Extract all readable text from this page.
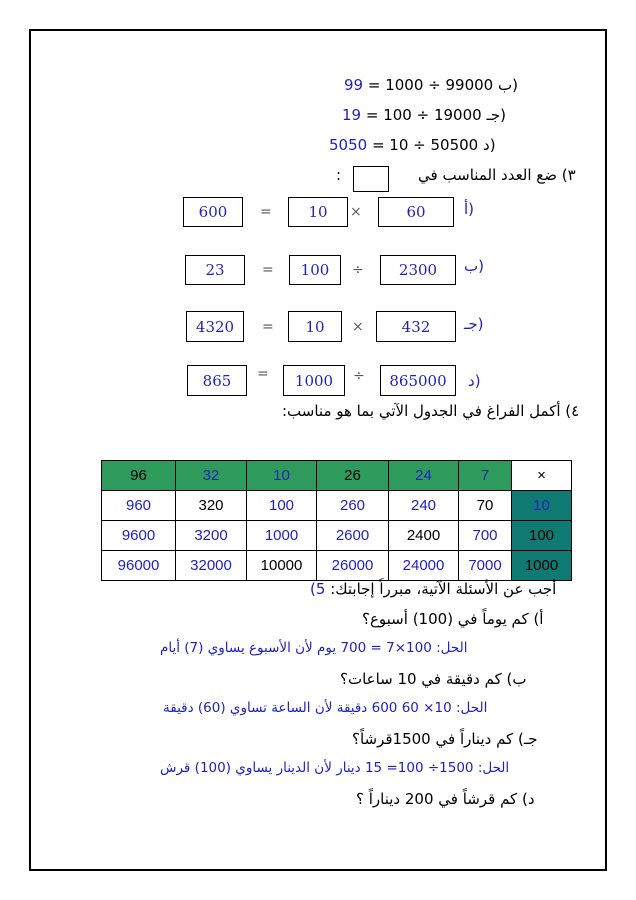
99 = 1000 ÷ 99000 ب)
19 = 100 ÷ 19000 جـ)
5050 = 10 ÷ 50500 د)
٣) ضع العدد المناسب في
:
60
×
10
=
600	أ)
2300
÷
100
=
23	ب)
432
×
10
=
4320	جـ)
865000
÷
1000
=
865	د)
٤) أكمل الفراغ في الجدول الآتي بما هو مناسب:
96	32	10	26	24	7	×
960	320	100	260	240	70	10
9600	3200	1000	2600	2400	700	100
96000	32000	10000	26000	24000	7000	1000
أجب عن الأسئلة الآتية، مبرراً إجابتك: 5)
أ) كم يوماً في (100) أسبوع؟
الحل: 100×7 = 700 يوم لأن الأسبوع يساوي (7) أيام
ب) كم دقيقة في 10 ساعات؟
الحل: 10× 60 600 دقيقة لأن الساعة تساوي (60) دقيقة
جـ) كم ديناراً في 1500قرشاً؟
الحل: 1500÷ 100= 15 دينار لأن الدينار يساوي (100) قرش
د) كم قرشاً في 200 ديناراً ؟
